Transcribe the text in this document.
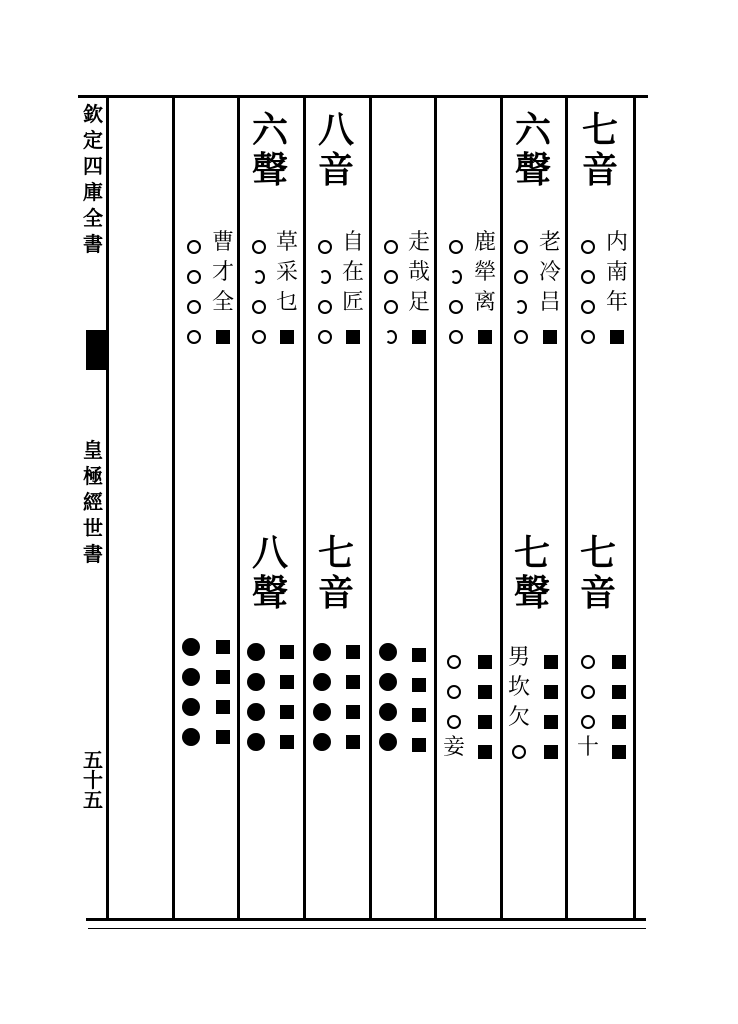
欽
定
四
庫
全
書
皇
極
經
世
書
五十五
七
音
内
南
年
七
音
十
六
聲
老
冷
吕
七
聲
男
坎
欠
鹿
犖
离
妾
走
哉
足
八
音
自
在
匠
七
音
六
聲
草
采
乜
八
聲
曹
才
全
